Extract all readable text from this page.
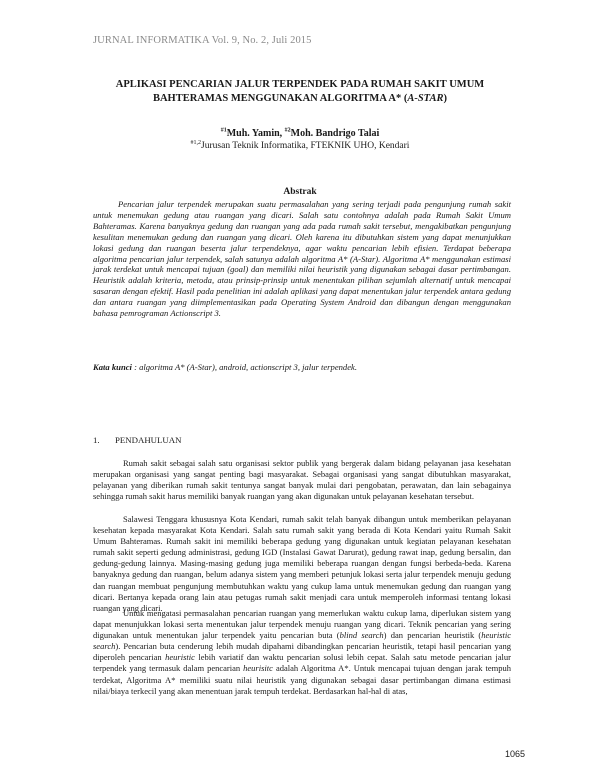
JURNAL INFORMATIKA Vol. 9, No. 2, Juli 2015
APLIKASI PENCARIAN JALUR TERPENDEK PADA RUMAH SAKIT UMUM
BAHTERAMAS MENGGUNAKAN ALGORITMA A* (A-STAR)
$^{\#1}$Muh. Yamin, $^{\#2}$Moh. Bandrigo Talai
$^{\#1,2}$Jurusan Teknik Informatika, FTEKNIK UHO, Kendari
Abstrak

Pencarian jalur terpendek merupakan suatu permasalahan yang sering terjadi pada pengunjung rumah sakit untuk menemukan gedung atau ruangan yang dicari. Salah satu contohnya adalah pada Rumah Sakit Umum Bahteramas. Karena banyaknya gedung dan ruangan yang ada pada rumah sakit tersebut, mengakibatkan pengunjung kesulitan menemukan gedung dan ruangan yang dicari. Oleh karena itu dibutuhkan sistem yang dapat menunjukkan lokasi gedung dan ruangan beserta jalur terpendeknya, agar waktu pencarian lebih efisien. Terdapat beberapa algoritma pencarian jalur terpendek, salah satunya adalah algoritma A* (A-Star). Algoritma A* menggunakan estimasi jarak terdekat untuk mencapai tujuan (goal) dan memiliki nilai heuristik yang digunakan sebagai dasar pertimbangan. Heuristik adalah kriteria, metoda, atau prinsip-prinsip untuk menentukan pilihan sejumlah alternatif untuk mencapai sasaran dengan efektif. Hasil pada penelitian ini adalah aplikasi yang dapat menentukan jalur terpendek antara gedung dan antara ruangan yang diimplementasikan pada Operating System Android dan dibangun dengan menggunakan bahasa pemrograman Actionscript 3.

Kata kunci : algoritma A* (A-Star), android, actionscript 3, jalur terpendek.

1. PENDAHULUAN

Rumah sakit sebagai salah satu organisasi sektor publik yang bergerak dalam bidang pelayanan jasa kesehatan merupakan organisasi yang sangat penting bagi masyarakat. Sebagai organisasi yang sangat dibutuhkan masyarakat, pelayanan yang diberikan rumah sakit tentunya sangat banyak mulai dari pengobatan, perawatan, dan lain sebagainya sehingga rumah sakit harus memiliki banyak ruangan yang akan digunakan untuk pelayanan kesehatan tersebut.

Salawesi Tenggara khususnya Kota Kendari, rumah sakit telah banyak dibangun untuk memberikan pelayanan kesehatan kepada masyarakat Kota Kendari. Salah satu rumah sakit yang berada di Kota Kendari yaitu Rumah Sakit Umum Bahteramas. Rumah sakit ini memiliki beberapa gedung yang digunakan untuk kegiatan pelayanan kesehatan rumah sakit seperti gedung administrasi, gedung IGD (Instalasi Gawat Darurat), gedung rawat inap, gedung bersalin, dan gedung-gedung lainnya. Masing-masing gedung juga memiliki beberapa ruangan dengan fungsi berbeda-beda. Karena banyaknya gedung dan ruangan, belum adanya sistem yang memberi petunjuk lokasi serta jalur terpendek menuju gedung dan ruangan membuat pengunjung membutuhkan waktu yang cukup lama untuk menemukan gedung dan ruangan yang dicari. Bertanya kepada orang lain atau petugas rumah sakit menjadi cara untuk memperoleh informasi tentang lokasi ruangan yang dicari.

Untuk mengatasi permasalahan pencarian ruangan yang memerlukan waktu cukup lama, diperlukan sistem yang dapat menunjukkan lokasi serta menentukan jalur terpendek menuju ruangan yang dicari. Teknik pencarian yang sering digunakan untuk menentukan jalur terpendek yaitu pencarian buta (blind search) dan pencarian heuristik (heuristic search). Pencarian buta cenderung lebih mudah dipahami dibandingkan pencarian heuristik, tetapi hasil pencarian yang diperoleh pencarian heuristic lebih variatif dan waktu pencarian solusi lebih cepat. Salah satu metode pencarian jalur terpendek yang termasuk dalam pencarian heurisitc adalah Algoritma A*. Untuk mencapai tujuan dengan jarak tempuh terdekat, Algoritma A* memiliki suatu nilai heuristik yang digunakan sebagai dasar pertimbangan dimana estimasi nilai/biaya terkecil yang akan menentuan jarak tempuh terdekat. Berdasarkan hal-hal di atas,

1065
